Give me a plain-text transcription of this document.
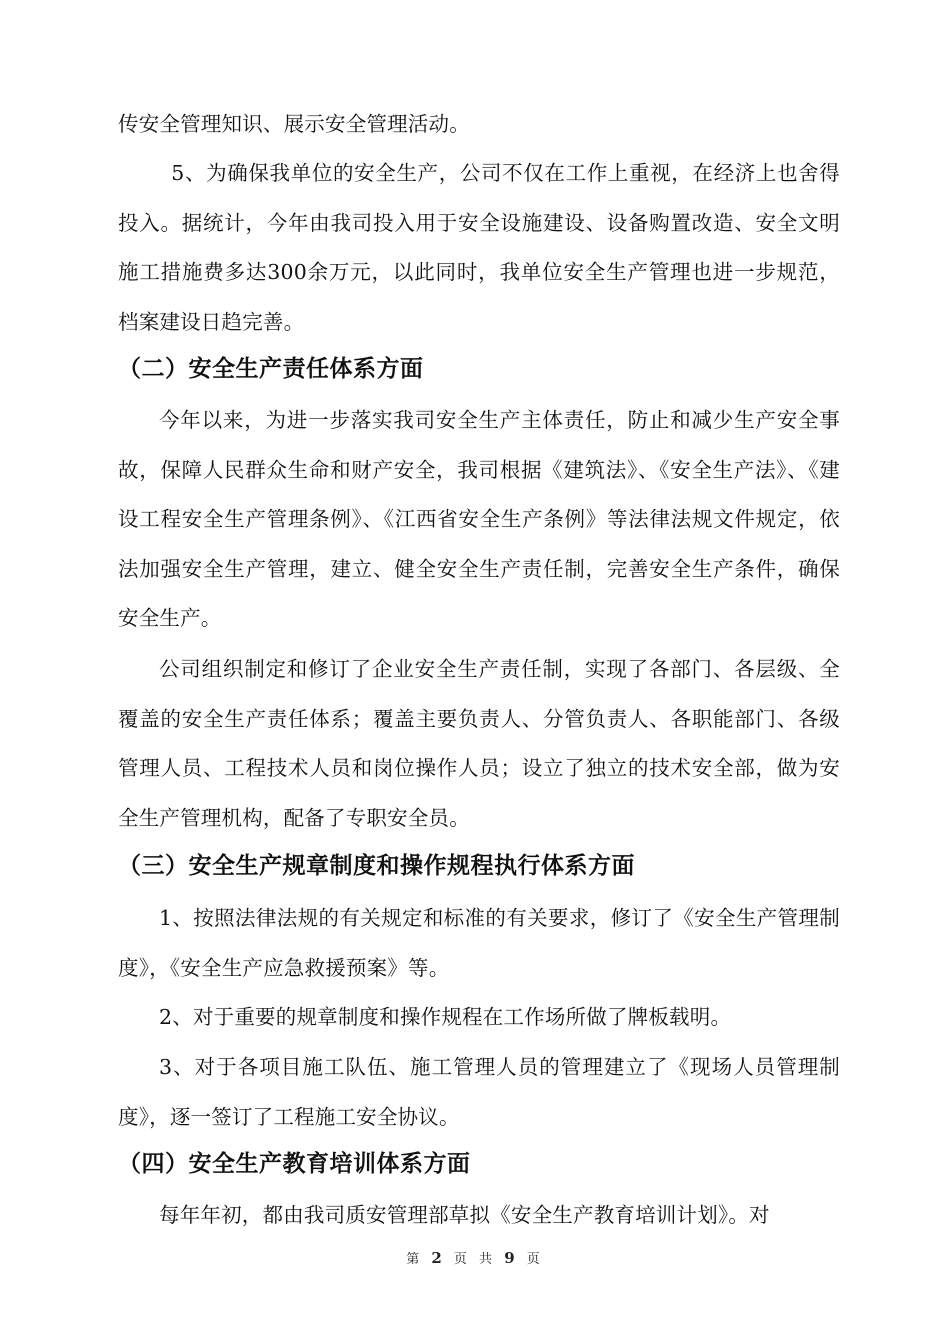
传安全管理知识、展示安全管理活动。

5、为确保我单位的安全生产，公司不仅在工作上重视，在经济上也舍得投入。据统计，今年由我司投入用于安全设施建设、设备购置改造、安全文明施工措施费多达300余万元，以此同时，我单位安全生产管理也进一步规范，档案建设日趋完善。

（二）安全生产责任体系方面

今年以来，为进一步落实我司安全生产主体责任，防止和减少生产安全事故，保障人民群众生命和财产安全，我司根据《建筑法》、《安全生产法》、《建设工程安全生产管理条例》、《江西省安全生产条例》等法律法规文件规定，依法加强安全生产管理，建立、健全安全生产责任制，完善安全生产条件，确保安全生产。

公司组织制定和修订了企业安全生产责任制，实现了各部门、各层级、全覆盖的安全生产责任体系；覆盖主要负责人、分管负责人、各职能部门、各级管理人员、工程技术人员和岗位操作人员；设立了独立的技术安全部，做为安全生产管理机构，配备了专职安全员。

（三）安全生产规章制度和操作规程执行体系方面

1、按照法律法规的有关规定和标准的有关要求，修订了《安全生产管理制度》，《安全生产应急救援预案》等。

2、对于重要的规章制度和操作规程在工作场所做了牌板载明。

3、对于各项目施工队伍、施工管理人员的管理建立了《现场人员管理制度》，逐一签订了工程施工安全协议。

（四）安全生产教育培训体系方面

每年年初，都由我司质安管理部草拟《安全生产教育培训计划》。对

第 2 页 共 9 页
